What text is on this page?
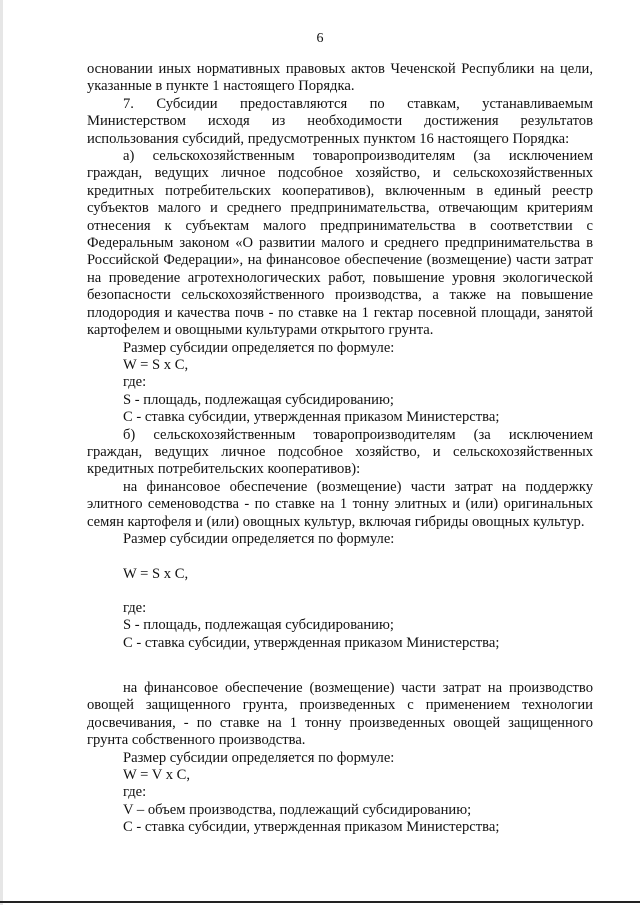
6

основании иных нормативных правовых актов Чеченской Республики на цели, указанные в пункте 1 настоящего Порядка.

7. Субсидии предоставляются по ставкам, устанавливаемым Министерством исходя из необходимости достижения результатов использования субсидий, предусмотренных пунктом 16 настоящего Порядка:

а) сельскохозяйственным товаропроизводителям (за исключением граждан, ведущих личное подсобное хозяйство, и сельскохозяйственных кредитных потребительских кооперативов), включенным в единый реестр субъектов малого и среднего предпринимательства, отвечающим критериям отнесения к субъектам малого предпринимательства в соответствии с Федеральным законом «О развитии малого и среднего предпринимательства в Российской Федерации», на финансовое обеспечение (возмещение) части затрат на проведение агротехнологических работ, повышение уровня экологической безопасности сельскохозяйственного производства, а также на повышение плодородия и качества почв - по ставке на 1 гектар посевной площади, занятой картофелем и овощными культурами открытого грунта.

Размер субсидии определяется по формуле:

W = S х С,

где:

S - площадь, подлежащая субсидированию;

С - ставка субсидии, утвержденная приказом Министерства;

б) сельскохозяйственным товаропроизводителям (за исключением граждан, ведущих личное подсобное хозяйство, и сельскохозяйственных кредитных потребительских кооперативов):

на финансовое обеспечение (возмещение) части затрат на поддержку элитного семеноводства - по ставке на 1 тонну элитных и (или) оригинальных семян картофеля и (или) овощных культур, включая гибриды овощных культур.

Размер субсидии определяется по формуле:

W = S х С,

где:

S - площадь, подлежащая субсидированию;

С - ставка субсидии, утвержденная приказом Министерства;

на финансовое обеспечение (возмещение) части затрат на производство овощей защищенного грунта, произведенных с применением технологии досвечивания, - по ставке на 1 тонну произведенных овощей защищенного грунта собственного производства.

Размер субсидии определяется по формуле:

W = V х С,

где:

V – объем производства, подлежащий субсидированию;

С - ставка субсидии, утвержденная приказом Министерства;
